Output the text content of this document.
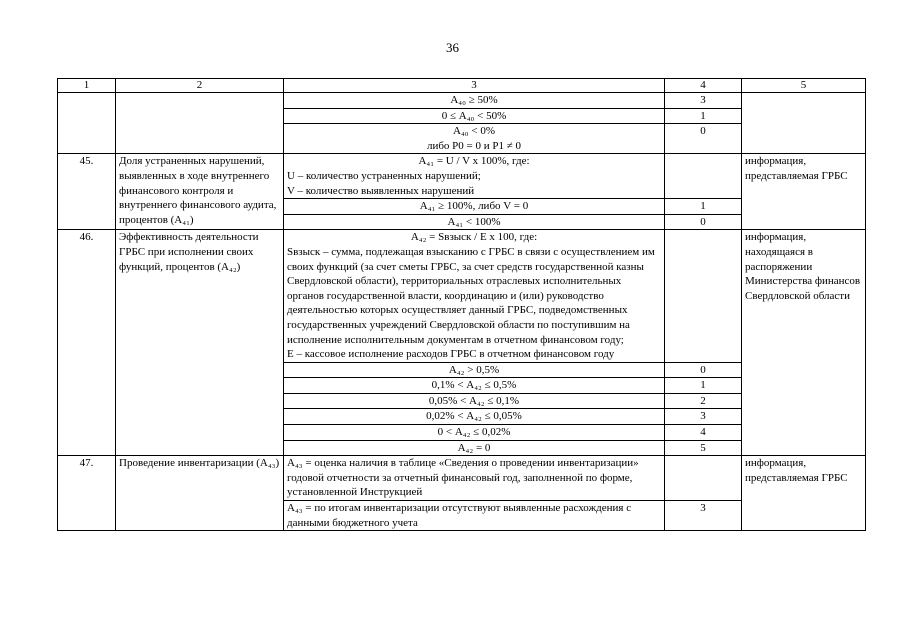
36
1	2	3	4	5
		А₄₀ ≥ 50%	3	
		0 ≤ А₄₀ < 50%	1	

		А₄₀ < 0%
либо Р0 = 0 и Р1 ≠ 0	0	
45.	Доля устраненных нарушений, выявленных в ходе внутреннего финансового контроля и внутреннего финансового аудита, процентов (А₄₁)	А₄₁ = U / V x 100%, где:
U – количество устраненных нарушений;
V – количество выявленных нарушений		информация, представляемая ГРБС
		А₄₁ ≥ 100%, либо V = 0	1	
		А₄₁ < 100%	0	
46.	Эффективность деятельности ГРБС при исполнении своих функций, процентов (А₄₂)	А₄₂ = Sвзыск / Е х 100, где:
Sвзыск – сумма, подлежащая взысканию с ГРБС в связи с осуществлением им своих функций (за счет сметы ГРБС, за счет средств государственной казны Свердловской области), территориальных отраслевых исполнительных органов государственной власти, координацию и (или) руководство деятельностью которых осуществляет данный ГРБС, подведомственных государственных учреждений Свердловской области по поступившим на исполнение исполнительным документам в отчетном финансовом году;
Е – кассовое исполнение расходов ГРБС в отчетном финансовом году		информация, находящаяся в распоряжении Министерства финансов Свердловской области
		А₄₂ > 0,5%	0	
		0,1% < А₄₂ ≤ 0,5%	1	
		0,05% < А₄₂ ≤ 0,1%	2	
		0,02% < А₄₂ ≤ 0,05%	3	
		0 < А₄₂ ≤ 0,02%	4	
		А₄₂ = 0	5	
47.	Проведение инвентаризации (А₄₃)	А₄₃ = оценка наличия в таблице «Сведения о проведении инвентаризации» годовой отчетности за отчетный финансовый год, заполненной по форме, установленной Инструкцией		информация, представляемая ГРБС
		А₄₃ = по итогам инвентаризации отсутствуют выявленные расхождения с данными бюджетного учета	3	
